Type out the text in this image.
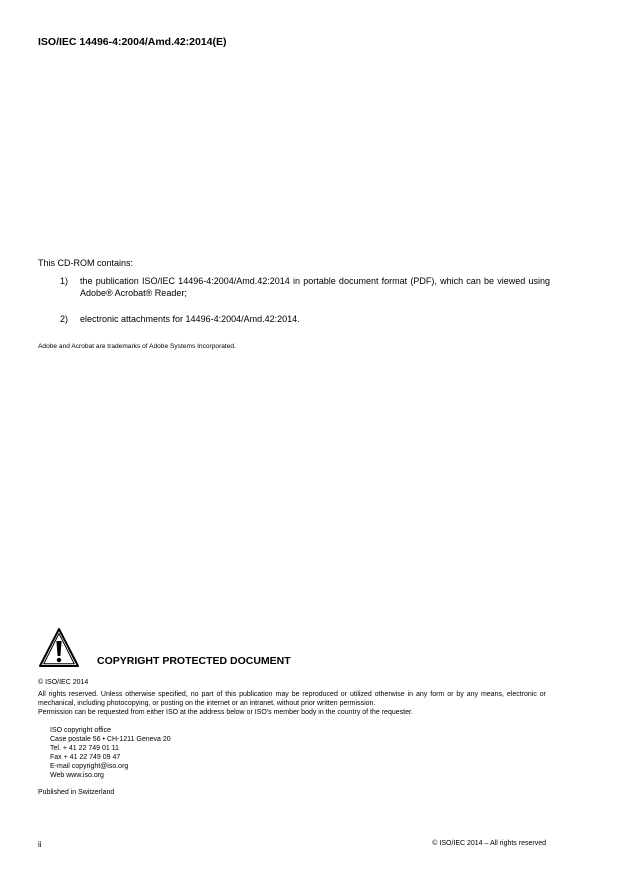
ISO/IEC 14496-4:2004/Amd.42:2014(E)
This CD-ROM contains:
1) the publication ISO/IEC 14496-4:2004/Amd.42:2014 in portable document format (PDF), which can be viewed using Adobe® Acrobat® Reader;
2) electronic attachments for 14496-4:2004/Amd.42:2014.
Adobe and Acrobat are trademarks of Adobe Systems Incorporated.
COPYRIGHT PROTECTED DOCUMENT
© ISO/IEC 2014

All rights reserved. Unless otherwise specified, no part of this publication may be reproduced or utilized otherwise in any form or by any means, electronic or mechanical, including photocopying, or posting on the internet or an intranet, without prior written permission.

Permission can be requested from either ISO at the address below or ISO's member body in the country of the requester.

ISO copyright office
Case postale 56 • CH-1211 Geneva 20
Tel. + 41 22 749 01 11
Fax + 41 22 749 09 47
E-mail copyright@iso.org
Web www.iso.org
Published in Switzerland
ii	© ISO/IEC 2014 – All rights reserved
